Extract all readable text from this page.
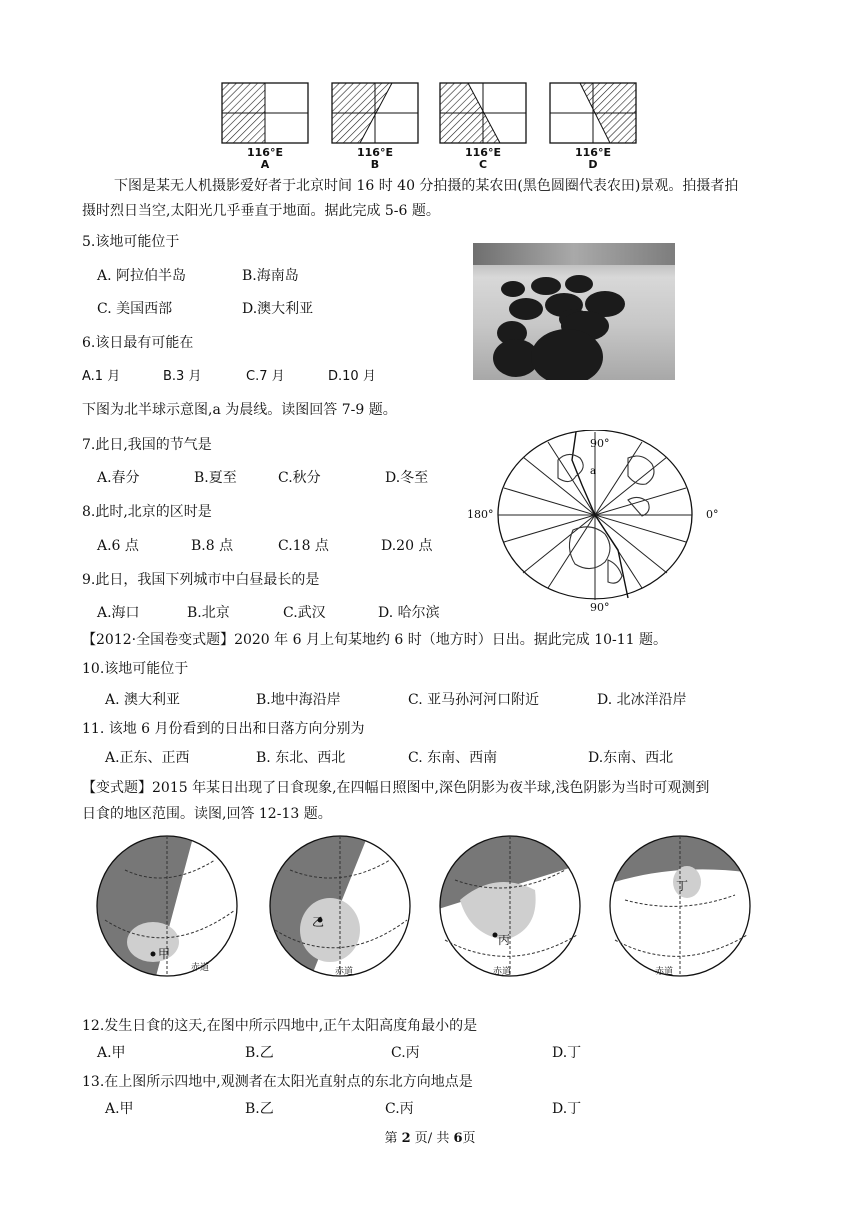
116°E
A
116°E
B
116°E
C
116°E
D
下图是某无人机摄影爱好者于北京时间 16 时 40 分拍摄的某农田(黑色圆圈代表农田)景观。拍摄者拍
摄时烈日当空,太阳光几乎垂直于地面。据此完成 5-6 题。
5.该地可能位于
A. 阿拉伯半岛	B.海南岛
C. 美国西部	D.澳大利亚
6.该日最有可能在
A.1 月	B.3 月	C.7 月	D.10 月
下图为北半球示意图,a 为晨线。读图回答 7-9 题。
a
90°
90°
180°	0°
7.此日,我国的节气是
A.春分	B.夏至	C.秋分	D.冬至
8.此时,北京的区时是
A.6 点	B.8 点	C.18 点	D.20 点
9.此日，我国下列城市中白昼最长的是
A.海口	B.北京	C.武汉	D. 哈尔滨
【2012·全国卷变式题】2020 年 6 月上旬某地约 6 时（地方时）日出。据此完成 10-11 题。
10.该地可能位于
A. 澳大利亚	B.地中海沿岸	C. 亚马孙河河口附近	D. 北冰洋沿岸
11. 该地 6 月份看到的日出和日落方向分别为
A.正东、正西	B. 东北、西北	C. 东南、西南	D.东南、西北
【变式题】2015 年某日出现了日食现象,在四幅日照图中,深色阴影为夜半球,浅色阴影为当时可观测到
日食的地区范围。读图,回答 12-13 题。
甲
赤道
乙
赤道
丙
赤道
丁
赤道
12.发生日食的这天,在图中所示四地中,正午太阳高度角最小的是
A.甲	B.乙	C.丙	D.丁
13.在上图所示四地中,观测者在太阳光直射点的东北方向地点是
A.甲	B.乙	C.丙	D.丁
第 2 页/ 共 6页
